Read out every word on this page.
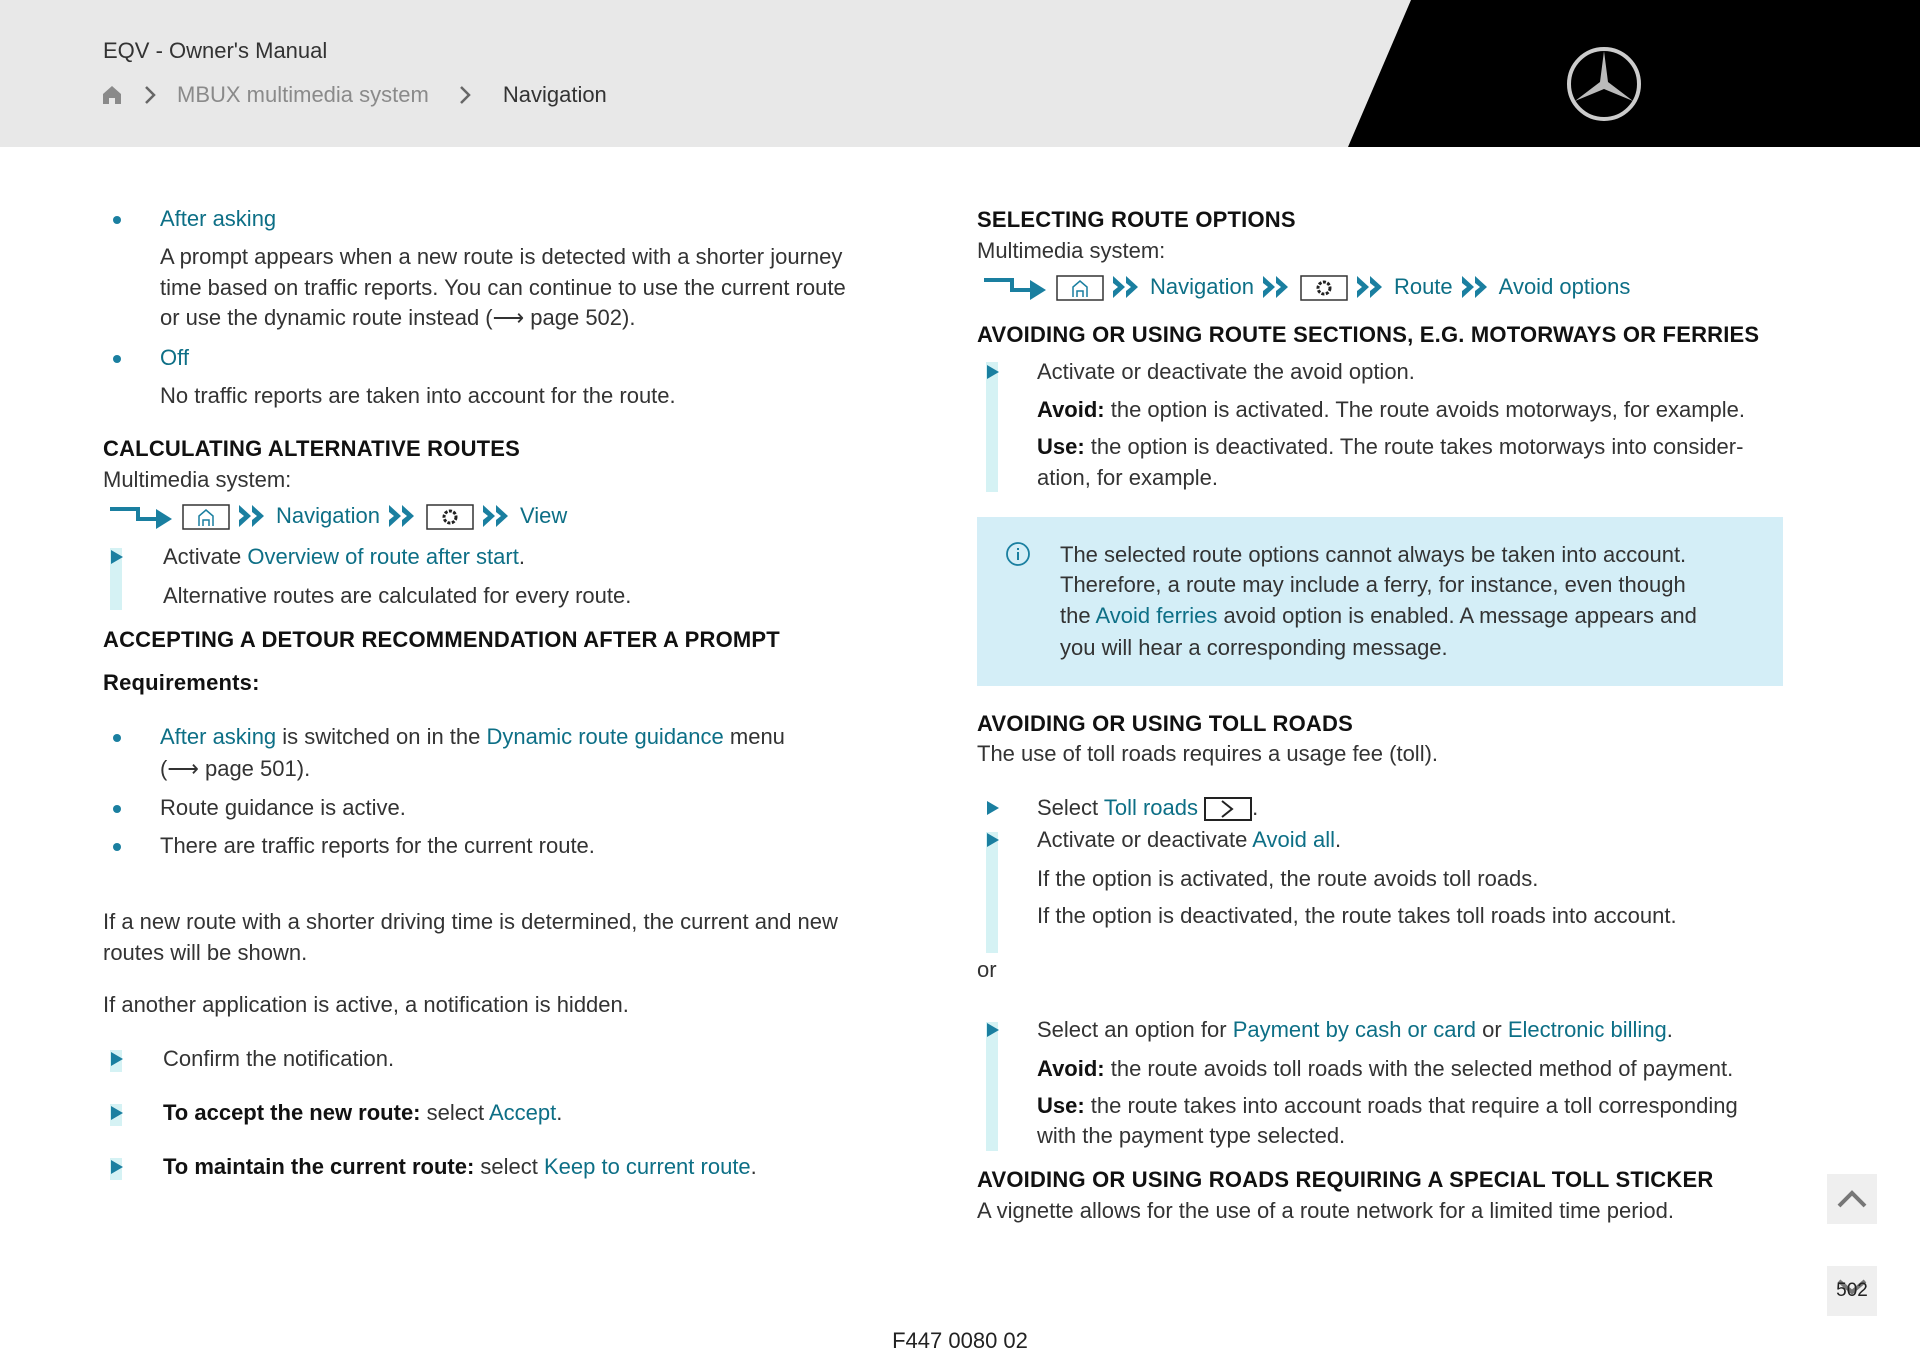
EQV - Owner's Manual
MBUX multimedia system	Navigation
After asking
A prompt appears when a new route is detected with a shorter journey
time based on traffic reports. You can continue to use the current route
or use the dynamic route instead (⟶ page 502).
Off
No traffic reports are taken into account for the route.
CALCULATING ALTERNATIVE ROUTES
Multimedia system:
Navigation	View
Activate Overview of route after start.
Alternative routes are calculated for every route.
ACCEPTING A DETOUR RECOMMENDATION AFTER A PROMPT
Requirements:
After asking is switched on in the Dynamic route guidance menu
(⟶ page 501).
Route guidance is active.
There are traffic reports for the current route.
If a new route with a shorter driving time is determined, the current and new
routes will be shown.
If another application is active, a notification is hidden.
Confirm the notification.
To accept the new route: select Accept.
To maintain the current route: select Keep to current route.
SELECTING ROUTE OPTIONS
Multimedia system:
Navigation	Route Avoid options
AVOIDING OR USING ROUTE SECTIONS, E.G. MOTORWAYS OR FERRIES
Activate or deactivate the avoid option.
Avoid: the option is activated. The route avoids motorways, for example.
Use: the option is deactivated. The route takes motorways into consider-
ation, for example.
The selected route options cannot always be taken into account.
Therefore, a route may include a ferry, for instance, even though
the Avoid ferries avoid option is enabled. A message appears and
you will hear a corresponding message.
AVOIDING OR USING TOLL ROADS
The use of toll roads requires a usage fee (toll).
Select Toll roads .
Activate or deactivate Avoid all.
If the option is activated, the route avoids toll roads.
If the option is deactivated, the route takes toll roads into account.
or
Select an option for Payment by cash or card or Electronic billing.
Avoid: the route avoids toll roads with the selected method of payment.
Use: the route takes into account roads that require a toll corresponding
with the payment type selected.
AVOIDING OR USING ROADS REQUIRING A SPECIAL TOLL STICKER
A vignette allows for the use of a route network for a limited time period.
502
F447 0080 02
